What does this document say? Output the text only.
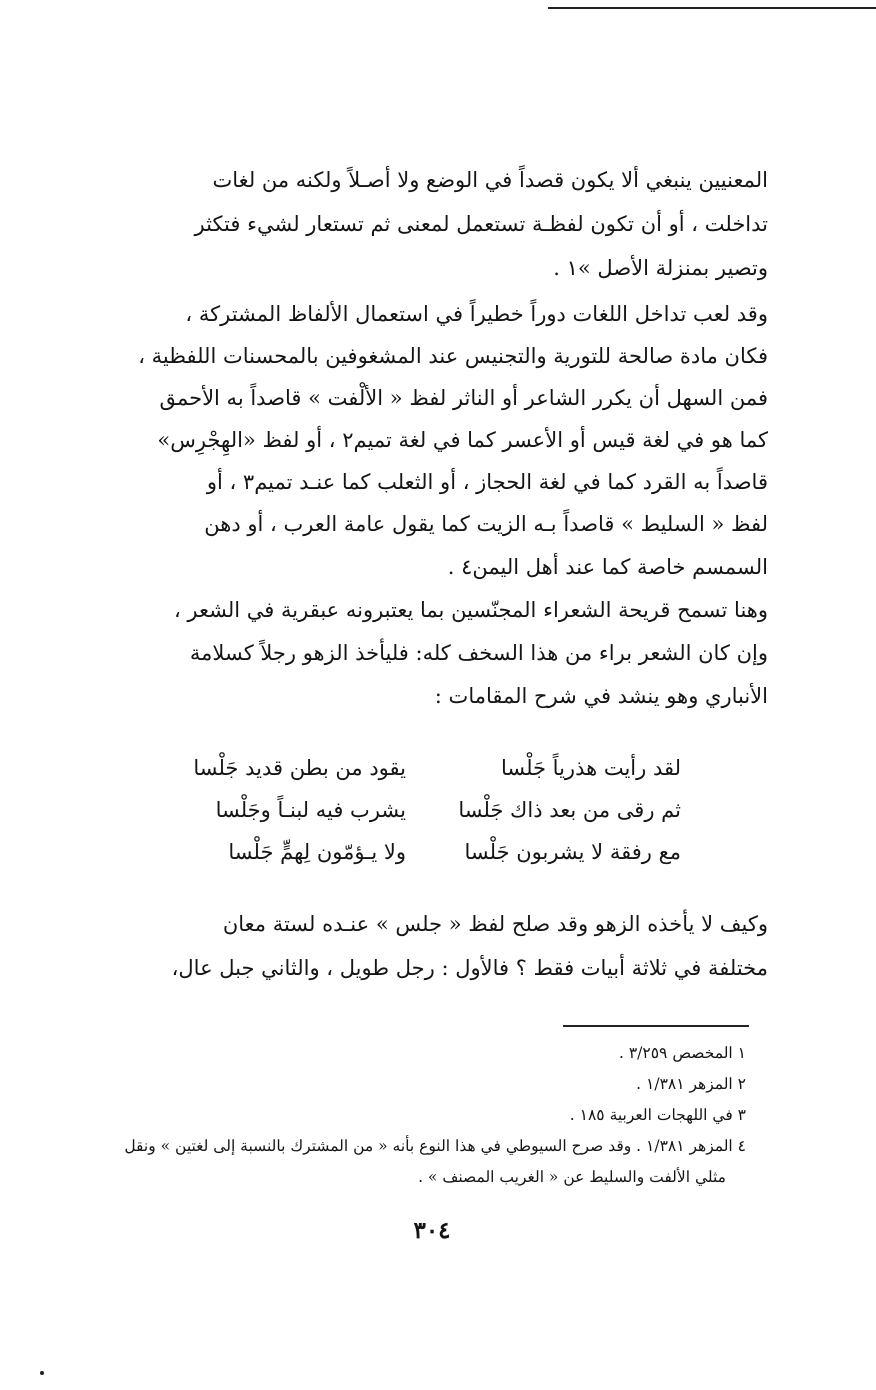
المعنيين ينبغي ألا يكون قصداً في الوضع ولا أصـلاً ولكنه من لغات
تداخلت ، أو أن تكون لفظـة تستعمل لمعنى ثم تستعار لشيء فتكثر
وتصير بمنزلة الأصل »١ .
وقد لعب تداخل اللغات دوراً خطيراً في استعمال الألفاظ المشتركة ،
فكان مادة صالحة للتورية والتجنيس عند المشغوفين بالمحسنات اللفظية ،
فمن السهل أن يكرر الشاعر أو الناثر لفظ « الألْفت » قاصداً به الأحمق
كما هو في لغة قيس أو الأعسر كما في لغة تميم٢ ، أو لفظ «الهِجْرِس»
قاصداً به القرد كما في لغة الحجاز ، أو الثعلب كما عنـد تميم٣ ، أو
لفظ « السليط » قاصداً بـه الزيت كما يقول عامة العرب ، أو دهن
السمسم خاصة كما عند أهل اليمن٤ .
وهنا تسمح قريحة الشعراء المجنّسين بما يعتبرونه عبقرية في الشعر ،
وإن كان الشعر براء من هذا السخف كله: فليأخذ الزهو رجلاً كسلامة
الأنباري وهو ينشد في شرح المقامات :
لقد رأيت هذرياً جَلْسا
يقود من بطن قديد جَلْسا
ثم رقى من بعد ذاك جَلْسا
يشرب فيه لبنـاً وجَلْسا
مع رفقة لا يشربون جَلْسا
ولا يـؤمّون لِهمٍّ جَلْسا
وكيف لا يأخذه الزهو وقد صلح لفظ « جلس » عنـده لستة معان
مختلفة في ثلاثة أبيات فقط ؟ فالأول : رجل طويل ، والثاني جبل عال،
١ المخصص ٣/٢٥٩ .
٢ المزهر ١/٣٨١ .
٣ في اللهجات العربية ١٨٥ .
٤ المزهر ١/٣٨١ . وقد صرح السيوطي في هذا النوع بأنه « من المشترك بالنسبة إلى لغتين » ونقل
مثلي الألفت والسليط عن « الغريب المصنف » .
٣٠٤
